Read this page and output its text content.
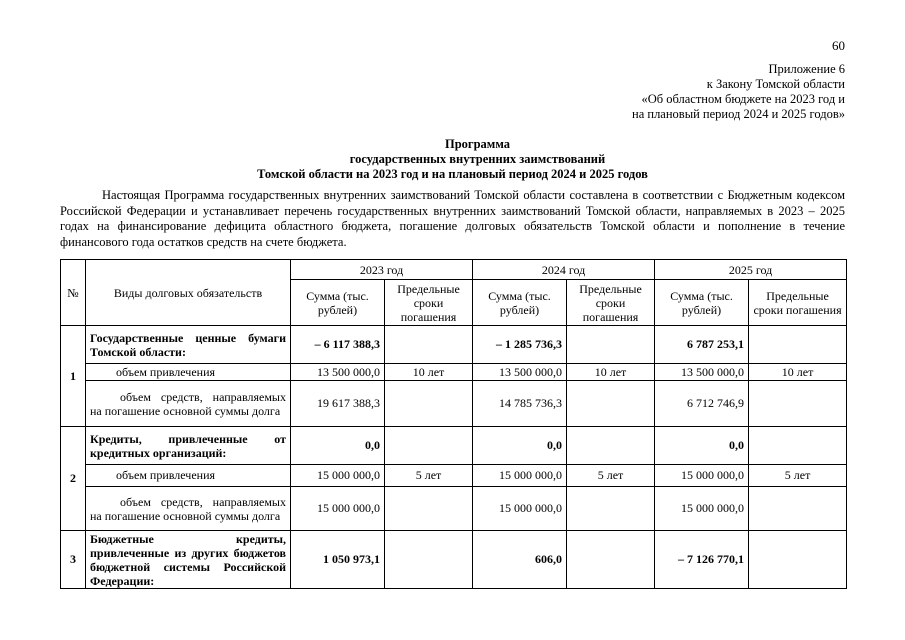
60
Приложение 6
к Закону Томской области
«Об областном бюджете на 2023 год и
на плановый период 2024 и 2025 годов»
Программа
государственных внутренних заимствований
Томской области на 2023 год и на плановый период 2024 и 2025 годов
Настоящая Программа государственных внутренних заимствований Томской области составлена в соответствии с Бюджетным кодексом Российской Федерации и устанавливает перечень государственных внутренних заимствований Томской области, направляемых в 2023 – 2025 годах на финансирование дефицита областного бюджета, погашение долговых обязательств Томской области и пополнение в течение финансового года остатков средств на счете бюджета.
№	Виды долговых обязательств	2023 год		2024 год		2025 год	
		Сумма (тыс. рублей)	Предельные сроки погашения	Сумма (тыс. рублей)	Предельные сроки погашения	Сумма (тыс. рублей)	Предельные сроки погашения
1	Государственные ценные бумаги Томской области:	– 6 117 388,3		– 1 285 736,3		6 787 253,1	
	объем привлечения	13 500 000,0	10 лет	13 500 000,0	10 лет	13 500 000,0	10 лет
	объем средств, направляемых на погашение основной суммы долга	19 617 388,3		14 785 736,3		6 712 746,9	
2	Кредиты, привлеченные от кредитных организаций:	0,0		0,0		0,0	
	объем привлечения	15 000 000,0	5 лет	15 000 000,0	5 лет	15 000 000,0	5 лет
	объем средств, направляемых на погашение основной суммы долга	15 000 000,0		15 000 000,0		15 000 000,0	
3	Бюджетные кредиты, привлеченные из других бюджетов бюджетной системы Российской Федерации:	1 050 973,1		606,0		– 7 126 770,1	
